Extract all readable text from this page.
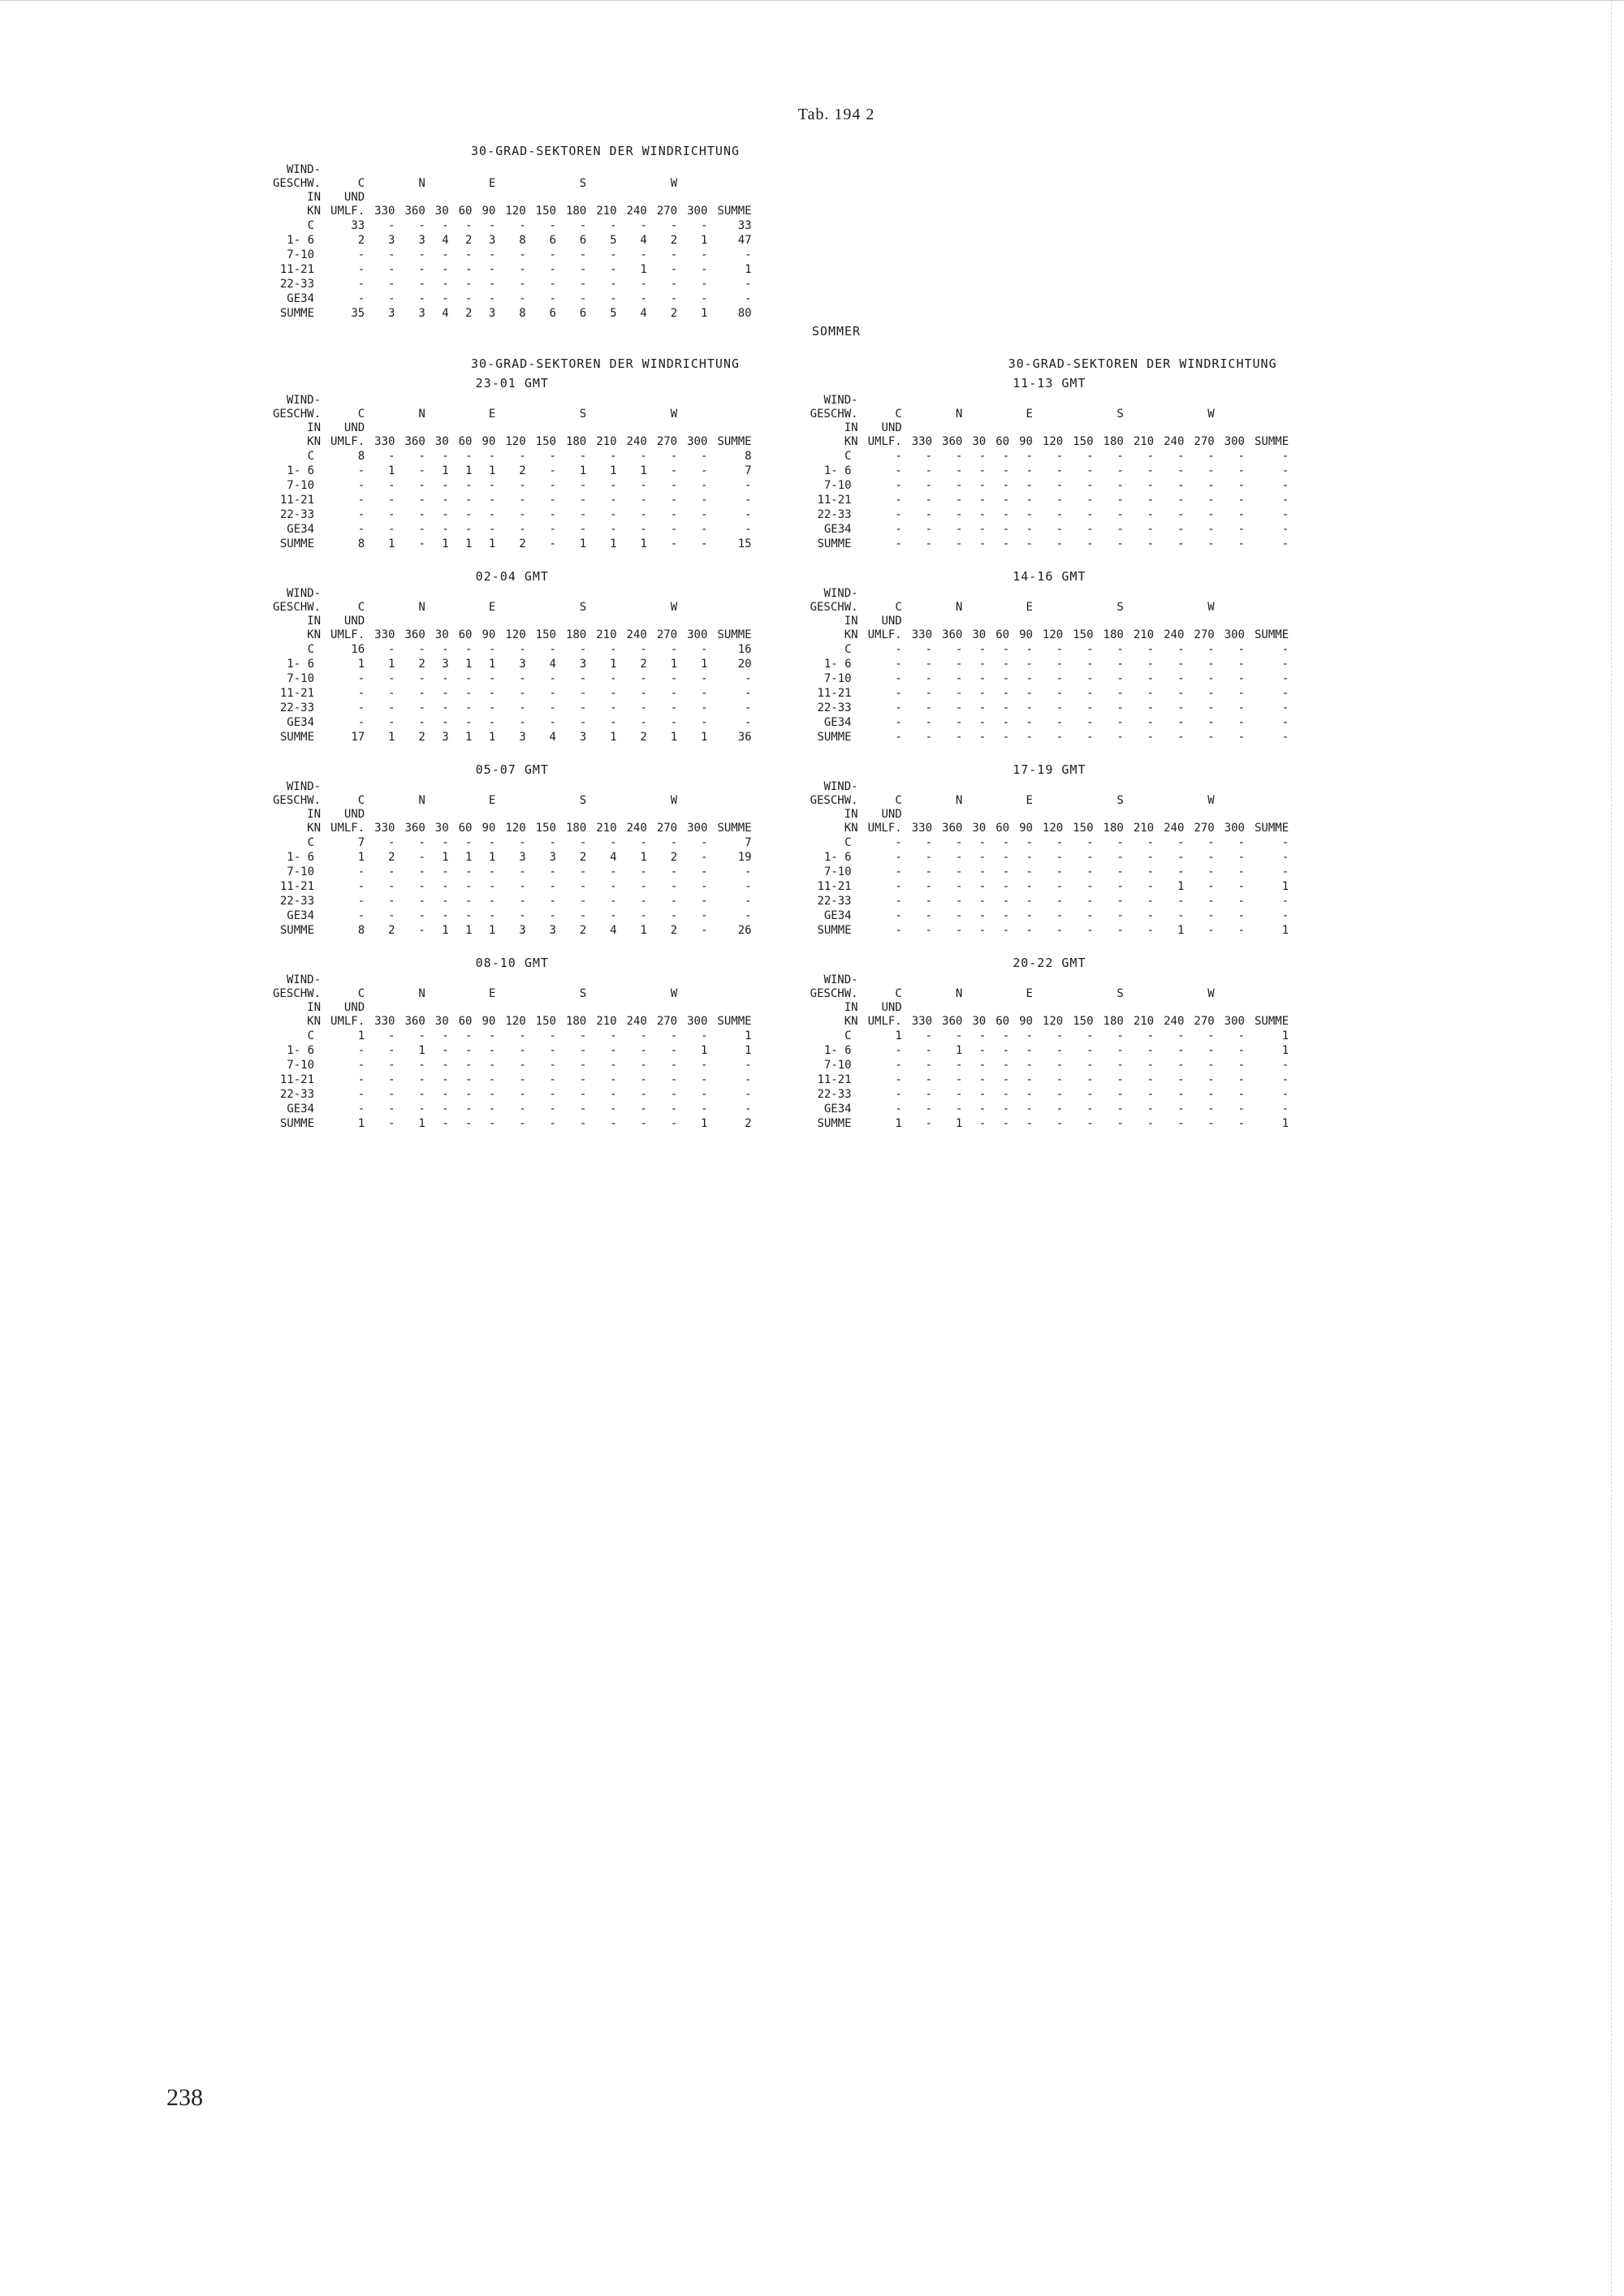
Tab. 194 2
30-GRAD-SEKTOREN DER WINDRICHTUNG
WIND-														
GESCHW.	C		N			E			S			W		
IN	UND													
KN	UMLF.	330	360	30	60	90	120	150	180	210	240	270	300	SUMME
C	33	-	-	-	-	-	-	-	-	-	-	-	-	33
1- 6	2	3	3	4	2	3	8	6	6	5	4	2	1	47
7-10	-	-	-	-	-	-	-	-	-	-	-	-	-	-
11-21	-	-	-	-	-	-	-	-	-	-	1	-	-	1
22-33	-	-	-	-	-	-	-	-	-	-	-	-	-	-
GE34	-	-	-	-	-	-	-	-	-	-	-	-	-	-
SUMME	35	3	3	4	2	3	8	6	6	5	4	2	1	80
SOMMER
30-GRAD-SEKTOREN DER WINDRICHTUNG
23-01 GMT
WIND-														
GESCHW.	C		N			E			S			W		
IN	UND													
KN	UMLF.	330	360	30	60	90	120	150	180	210	240	270	300	SUMME
C	8	-	-	-	-	-	-	-	-	-	-	-	-	8
1- 6	-	1	-	1	1	1	2	-	1	1	1	-	-	7
7-10	-	-	-	-	-	-	-	-	-	-	-	-	-	-
11-21	-	-	-	-	-	-	-	-	-	-	-	-	-	-
22-33	-	-	-	-	-	-	-	-	-	-	-	-	-	-
GE34	-	-	-	-	-	-	-	-	-	-	-	-	-	-
SUMME	8	1	-	1	1	1	2	-	1	1	1	-	-	15
02-04 GMT
WIND-														
GESCHW.	C		N			E			S			W		
IN	UND													
KN	UMLF.	330	360	30	60	90	120	150	180	210	240	270	300	SUMME
C	16	-	-	-	-	-	-	-	-	-	-	-	-	16
1- 6	1	1	2	3	1	1	3	4	3	1	2	1	1	20
7-10	-	-	-	-	-	-	-	-	-	-	-	-	-	-
11-21	-	-	-	-	-	-	-	-	-	-	-	-	-	-
22-33	-	-	-	-	-	-	-	-	-	-	-	-	-	-
GE34	-	-	-	-	-	-	-	-	-	-	-	-	-	-
SUMME	17	1	2	3	1	1	3	4	3	1	2	1	1	36
05-07 GMT
WIND-														
GESCHW.	C		N			E			S			W		
IN	UND													
KN	UMLF.	330	360	30	60	90	120	150	180	210	240	270	300	SUMME
C	7	-	-	-	-	-	-	-	-	-	-	-	-	7
1- 6	1	2	-	1	1	1	3	3	2	4	1	2	-	19
7-10	-	-	-	-	-	-	-	-	-	-	-	-	-	-
11-21	-	-	-	-	-	-	-	-	-	-	-	-	-	-
22-33	-	-	-	-	-	-	-	-	-	-	-	-	-	-
GE34	-	-	-	-	-	-	-	-	-	-	-	-	-	-
SUMME	8	2	-	1	1	1	3	3	2	4	1	2	-	26
08-10 GMT
WIND-														
GESCHW.	C		N			E			S			W		
IN	UND													
KN	UMLF.	330	360	30	60	90	120	150	180	210	240	270	300	SUMME
C	1	-	-	-	-	-	-	-	-	-	-	-	-	1
1- 6	-	-	1	-	-	-	-	-	-	-	-	-	1	1
7-10	-	-	-	-	-	-	-	-	-	-	-	-	-	-
11-21	-	-	-	-	-	-	-	-	-	-	-	-	-	-
22-33	-	-	-	-	-	-	-	-	-	-	-	-	-	-
GE34	-	-	-	-	-	-	-	-	-	-	-	-	-	-
SUMME	1	-	1	-	-	-	-	-	-	-	-	-	1	2
30-GRAD-SEKTOREN DER WINDRICHTUNG
11-13 GMT
WIND-														
GESCHW.	C		N			E			S			W		
IN	UND													
KN	UMLF.	330	360	30	60	90	120	150	180	210	240	270	300	SUMME
C	-	-	-	-	-	-	-	-	-	-	-	-	-	-
1- 6	-	-	-	-	-	-	-	-	-	-	-	-	-	-
7-10	-	-	-	-	-	-	-	-	-	-	-	-	-	-
11-21	-	-	-	-	-	-	-	-	-	-	-	-	-	-
22-33	-	-	-	-	-	-	-	-	-	-	-	-	-	-
GE34	-	-	-	-	-	-	-	-	-	-	-	-	-	-
SUMME	-	-	-	-	-	-	-	-	-	-	-	-	-	-
14-16 GMT
WIND-														
GESCHW.	C		N			E			S			W		
IN	UND													
KN	UMLF.	330	360	30	60	90	120	150	180	210	240	270	300	SUMME
C	-	-	-	-	-	-	-	-	-	-	-	-	-	-
1- 6	-	-	-	-	-	-	-	-	-	-	-	-	-	-
7-10	-	-	-	-	-	-	-	-	-	-	-	-	-	-
11-21	-	-	-	-	-	-	-	-	-	-	-	-	-	-
22-33	-	-	-	-	-	-	-	-	-	-	-	-	-	-
GE34	-	-	-	-	-	-	-	-	-	-	-	-	-	-
SUMME	-	-	-	-	-	-	-	-	-	-	-	-	-	-
17-19 GMT
WIND-														
GESCHW.	C		N			E			S			W		
IN	UND													
KN	UMLF.	330	360	30	60	90	120	150	180	210	240	270	300	SUMME
C	-	-	-	-	-	-	-	-	-	-	-	-	-	-
1- 6	-	-	-	-	-	-	-	-	-	-	-	-	-	-
7-10	-	-	-	-	-	-	-	-	-	-	-	-	-	-
11-21	-	-	-	-	-	-	-	-	-	-	1	-	-	1
22-33	-	-	-	-	-	-	-	-	-	-	-	-	-	-
GE34	-	-	-	-	-	-	-	-	-	-	-	-	-	-
SUMME	-	-	-	-	-	-	-	-	-	-	1	-	-	1
20-22 GMT
WIND-														
GESCHW.	C		N			E			S			W		
IN	UND													
KN	UMLF.	330	360	30	60	90	120	150	180	210	240	270	300	SUMME
C	1	-	-	-	-	-	-	-	-	-	-	-	-	1
1- 6	-	-	1	-	-	-	-	-	-	-	-	-	-	1
7-10	-	-	-	-	-	-	-	-	-	-	-	-	-	-
11-21	-	-	-	-	-	-	-	-	-	-	-	-	-	-
22-33	-	-	-	-	-	-	-	-	-	-	-	-	-	-
GE34	-	-	-	-	-	-	-	-	-	-	-	-	-	-
SUMME	1	-	1	-	-	-	-	-	-	-	-	-	-	1
238
